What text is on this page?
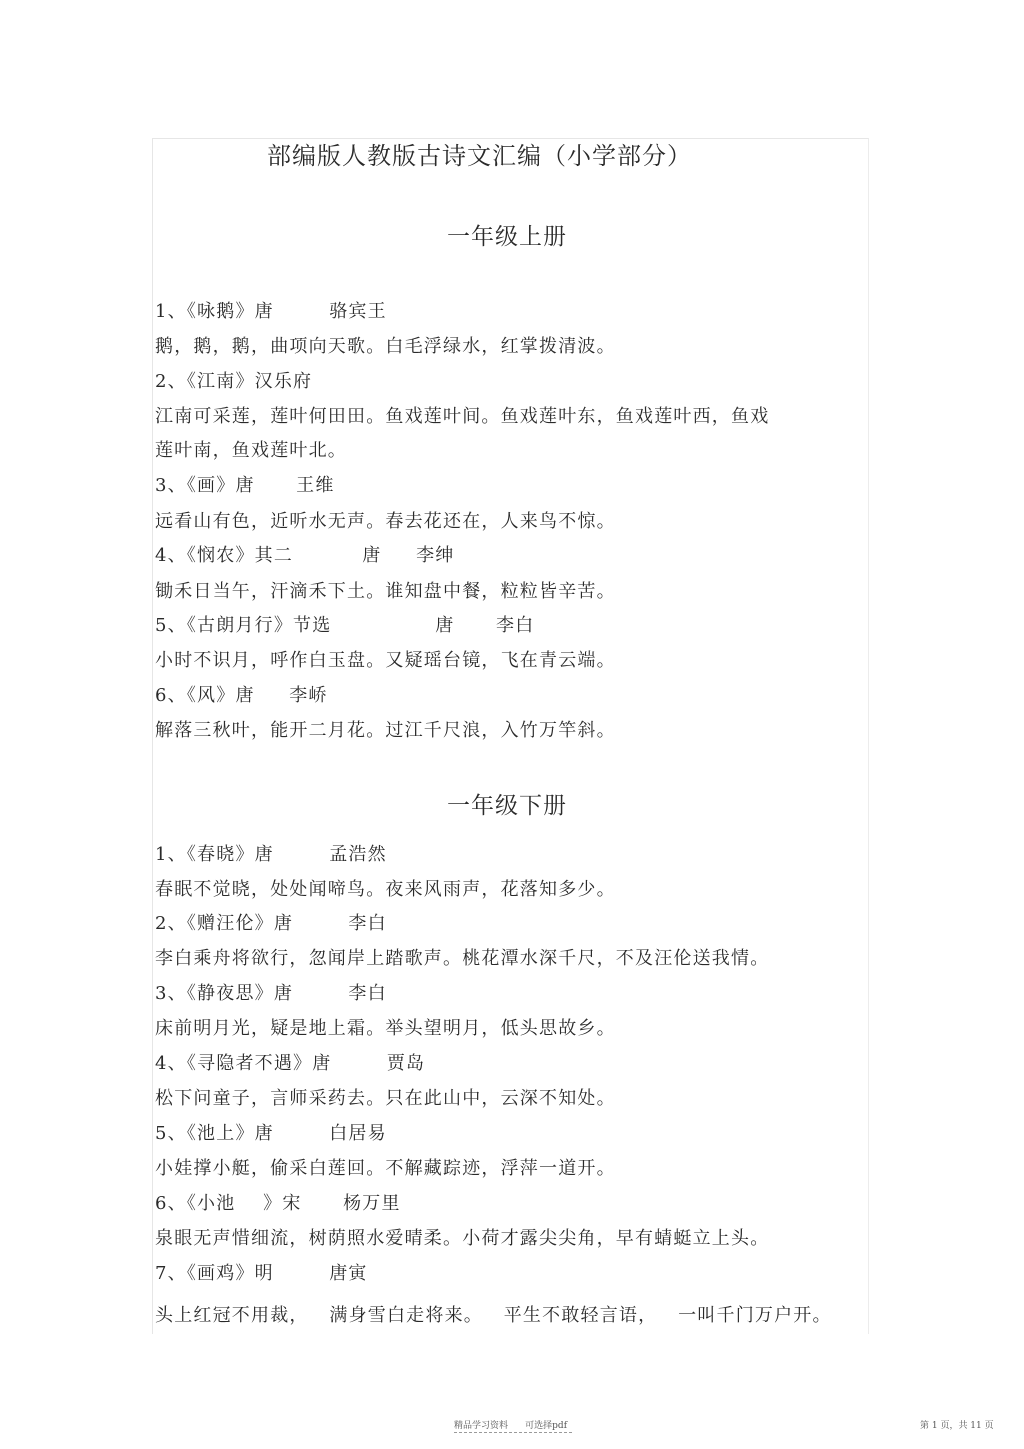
部编版人教版古诗文汇编（小学部分）
一年级上册
1、《咏鹅》唐        骆宾王
鹅，鹅，鹅，曲项向天歌。白毛浮绿水，红掌拨清波。
2、《江南》汉乐府
江南可采莲，莲叶何田田。鱼戏莲叶间。鱼戏莲叶东，鱼戏莲叶西，鱼戏
莲叶南，鱼戏莲叶北。
3、《画》唐      王维
远看山有色，近听水无声。春去花还在，人来鸟不惊。
4、《悯农》其二          唐     李绅
锄禾日当午，汗滴禾下土。谁知盘中餐，粒粒皆辛苦。
5、《古朗月行》节选               唐      李白
小时不识月，呼作白玉盘。又疑瑶台镜，飞在青云端。
6、《风》唐     李峤
解落三秋叶，能开二月花。过江千尺浪，入竹万竿斜。
一年级下册
1、《春晓》唐        孟浩然
春眠不觉晓，处处闻啼鸟。夜来风雨声，花落知多少。
2、《赠汪伦》唐        李白
李白乘舟将欲行，忽闻岸上踏歌声。桃花潭水深千尺，不及汪伦送我情。
3、《静夜思》唐        李白
床前明月光，疑是地上霜。举头望明月，低头思故乡。
4、《寻隐者不遇》唐        贾岛
松下问童子，言师采药去。只在此山中，云深不知处。
5、《池上》唐        白居易
小娃撑小艇，偷采白莲回。不解藏踪迹，浮萍一道开。
6、《小池    》宋      杨万里
泉眼无声惜细流，树荫照水爱晴柔。小荷才露尖尖角，早有蜻蜓立上头。
7、《画鸡》明        唐寅
头上红冠不用裁，   满身雪白走将来。   平生不敢轻言语，   一叫千门万户开。
精品学习资料      可选择pdf	第 1 页，共 11 页
